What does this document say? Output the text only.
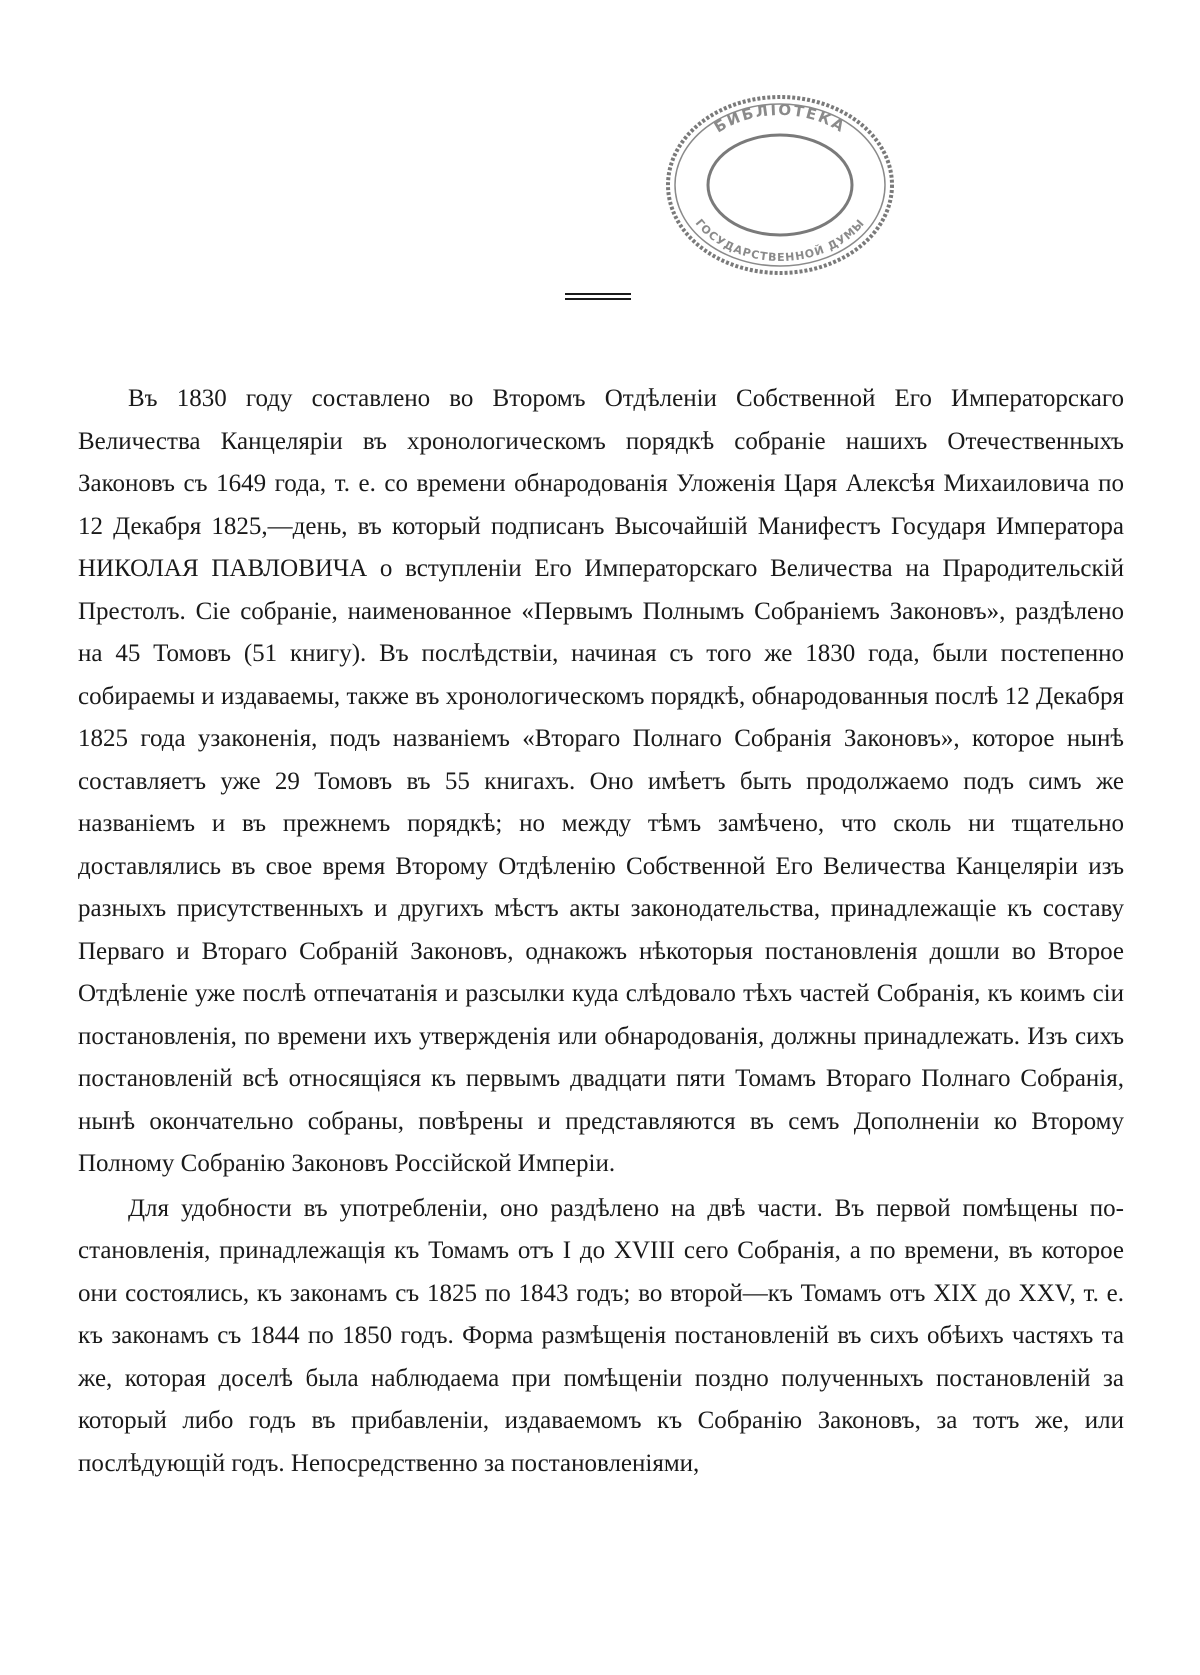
БИБЛІОТЕКА
ГОСУДАРСТВЕННОЙ ДУМЫ

Въ 1830 году составлено во Второмъ Отдѣленіи Собственной Его Императорскаго Величества Канцеляріи въ хронологическомъ порядкѣ собраніе нашихъ Отечественныхъ Законовъ съ 1649 года, т. е. со времени обнародованія Уложенія Царя Алексѣя Михаиловича по 12 Декабря 1825,—день, въ который подписанъ Высочайшій Манифестъ Государя Императора НИКОЛАЯ ПАВЛОВИЧА о вступленіи Его Императорскаго Величества на Прародительскій Престолъ. Сіе собраніе, наименованное «Первымъ Полнымъ Собраніемъ Законовъ», раздѣлено на 45 Томовъ (51 книгу). Въ послѣдствіи, начиная съ того же 1830 года, были постепенно собираемы и издаваемы, также въ хронологическомъ порядкѣ, обнародованныя послѣ 12 Декабря 1825 года узаконенія, подъ названіемъ «Втораго Полнаго Собранія Законовъ», которое нынѣ составляетъ уже 29 Томовъ въ 55 книгахъ. Оно имѣетъ быть продолжаемо подъ симъ же названіемъ и въ прежнемъ порядкѣ; но между тѣмъ замѣчено, что сколь ни тщательно доставлялись въ свое время Второму Отдѣленію Собственной Его Величества Канцеляріи изъ разныхъ присутственныхъ и другихъ мѣстъ акты законодательства, принадлежащіе къ составу Перваго и Втораго Собраній Законовъ, однакожъ нѣкоторыя постановленія дошли во Второе Отдѣленіе уже послѣ отпечатанія и разсылки куда слѣдовало тѣхъ частей Собранія, къ коимъ сіи постановленія, по времени ихъ утвержденія или обнародованія, должны принадлежать. Изъ сихъ постановленій всѣ относящіяся къ первымъ двадцати пяти Томамъ Втораго Полнаго Собранія, нынѣ окончательно собраны, повѣрены и представляются въ семъ Дополненіи ко Второму Полному Собранію Законовъ Россійской Имперіи.

Для удобности въ употребленіи, оно раздѣлено на двѣ части. Въ первой помѣщены постановленія, принадлежащія къ Томамъ отъ I до XVIII сего Собранія, а по времени, въ которое они состоялись, къ законамъ съ 1825 по 1843 годъ; во второй—къ Томамъ отъ XIX до XXV, т. е. къ законамъ съ 1844 по 1850 годъ. Форма размѣщенія постановленій въ сихъ обѣихъ частяхъ та же, которая доселѣ была наблюдаема при помѣщеніи поздно полученныхъ постановленій за который либо годъ въ прибавленіи, издаваемомъ къ Собранію Законовъ, за тотъ же, или послѣдующій годъ. Непосредственно за постановленіями,
